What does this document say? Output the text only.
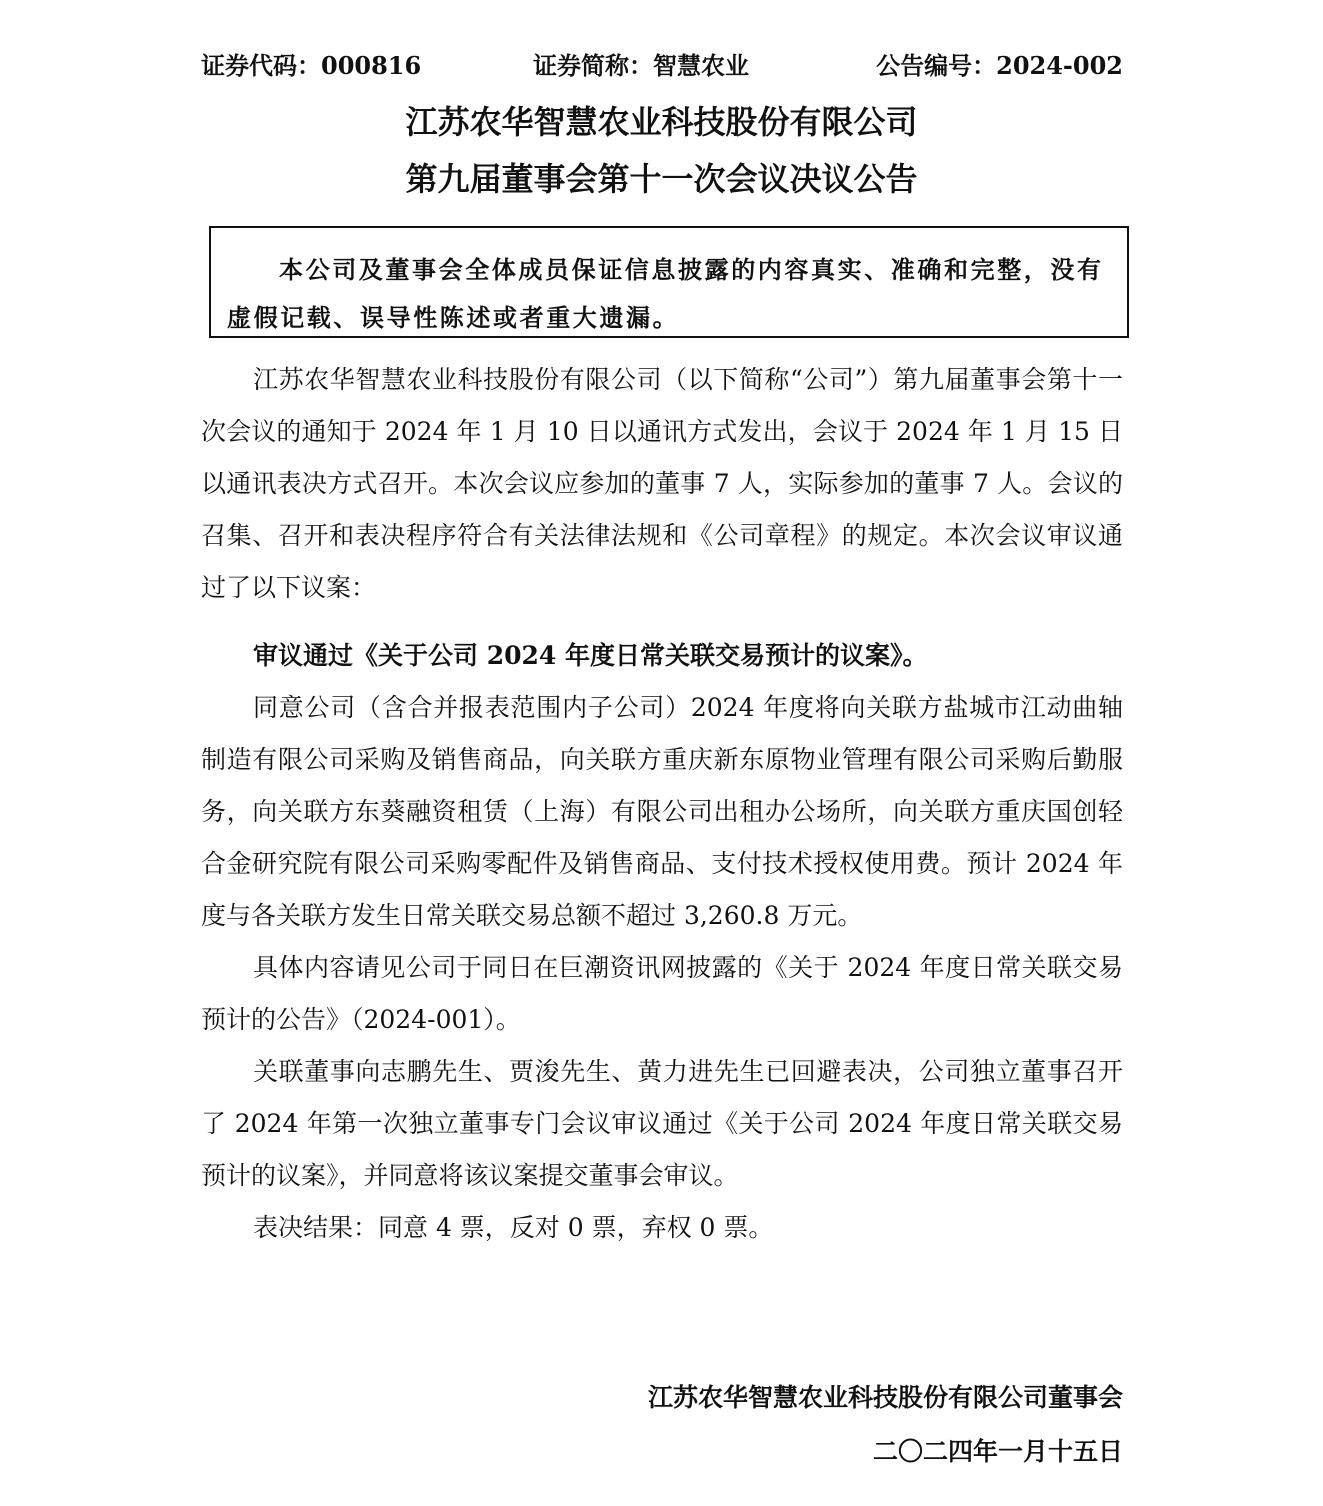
证券代码：000816	证券简称：智慧农业	公告编号：2024-002
江苏农华智慧农业科技股份有限公司
第九届董事会第十一次会议决议公告
本公司及董事会全体成员保证信息披露的内容真实、准确和完整，没有虚假记载、误导性陈述或者重大遗漏。
江苏农华智慧农业科技股份有限公司（以下简称“公司”）第九届董事会第十一次会议的通知于 2024 年 1 月 10 日以通讯方式发出，会议于 2024 年 1 月 15 日以通讯表决方式召开。本次会议应参加的董事 7 人，实际参加的董事 7 人。会议的召集、召开和表决程序符合有关法律法规和《公司章程》的规定。本次会议审议通过了以下议案：
审议通过《关于公司 2024 年度日常关联交易预计的议案》。
同意公司（含合并报表范围内子公司）2024 年度将向关联方盐城市江动曲轴制造有限公司采购及销售商品，向关联方重庆新东原物业管理有限公司采购后勤服务，向关联方东葵融资租赁（上海）有限公司出租办公场所，向关联方重庆国创轻合金研究院有限公司采购零配件及销售商品、支付技术授权使用费。预计 2024 年度与各关联方发生日常关联交易总额不超过 3,260.8 万元。
具体内容请见公司于同日在巨潮资讯网披露的《关于 2024 年度日常关联交易预计的公告》（2024-001）。
关联董事向志鹏先生、贾浚先生、黄力进先生已回避表决，公司独立董事召开了 2024 年第一次独立董事专门会议审议通过《关于公司 2024 年度日常关联交易预计的议案》，并同意将该议案提交董事会审议。
表决结果：同意 4 票，反对 0 票，弃权 0 票。
江苏农华智慧农业科技股份有限公司董事会
二〇二四年一月十五日
